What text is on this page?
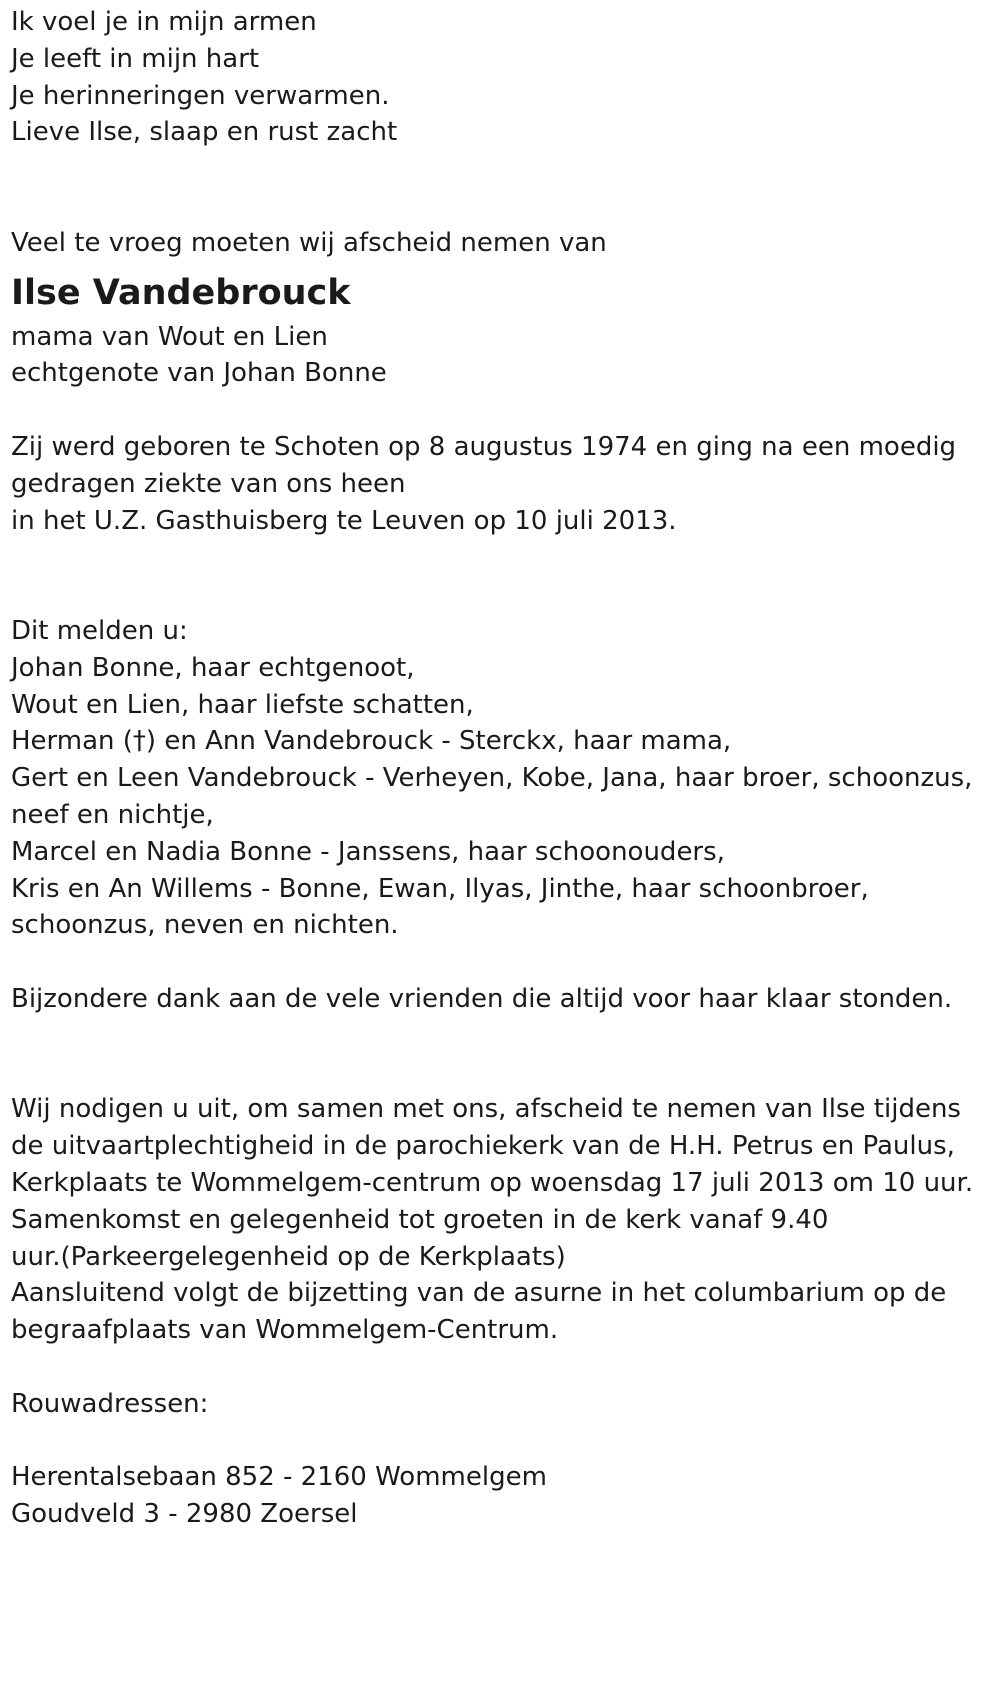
Ik voel je in mijn armen
Je leeft in mijn hart
Je herinneringen verwarmen.
Lieve Ilse, slaap en rust zacht
Veel te vroeg moeten wij afscheid nemen van
Ilse Vandebrouck
mama van Wout en Lien
echtgenote van Johan Bonne
Zij werd geboren te Schoten op 8 augustus 1974 en ging na een moedig
gedragen ziekte van ons heen
in het U.Z. Gasthuisberg te Leuven op 10 juli 2013.
Dit melden u:
Johan Bonne, haar echtgenoot,
Wout en Lien, haar liefste schatten,
Herman (†) en Ann Vandebrouck - Sterckx, haar mama,
Gert en Leen Vandebrouck - Verheyen, Kobe, Jana, haar broer, schoonzus,
neef en nichtje,
Marcel en Nadia Bonne - Janssens, haar schoonouders,
Kris en An Willems - Bonne, Ewan, Ilyas, Jinthe, haar schoonbroer,
schoonzus, neven en nichten.
Bijzondere dank aan de vele vrienden die altijd voor haar klaar stonden.
Wij nodigen u uit, om samen met ons, afscheid te nemen van Ilse tijdens
de uitvaartplechtigheid in de parochiekerk van de H.H. Petrus en Paulus,
Kerkplaats te Wommelgem-centrum op woensdag 17 juli 2013 om 10 uur.
Samenkomst en gelegenheid tot groeten in de kerk vanaf 9.40
uur.(Parkeergelegenheid op de Kerkplaats)
Aansluitend volgt de bijzetting van de asurne in het columbarium op de
begraafplaats van Wommelgem-Centrum.
Rouwadressen:
Herentalsebaan 852 - 2160 Wommelgem
Goudveld 3 - 2980 Zoersel
